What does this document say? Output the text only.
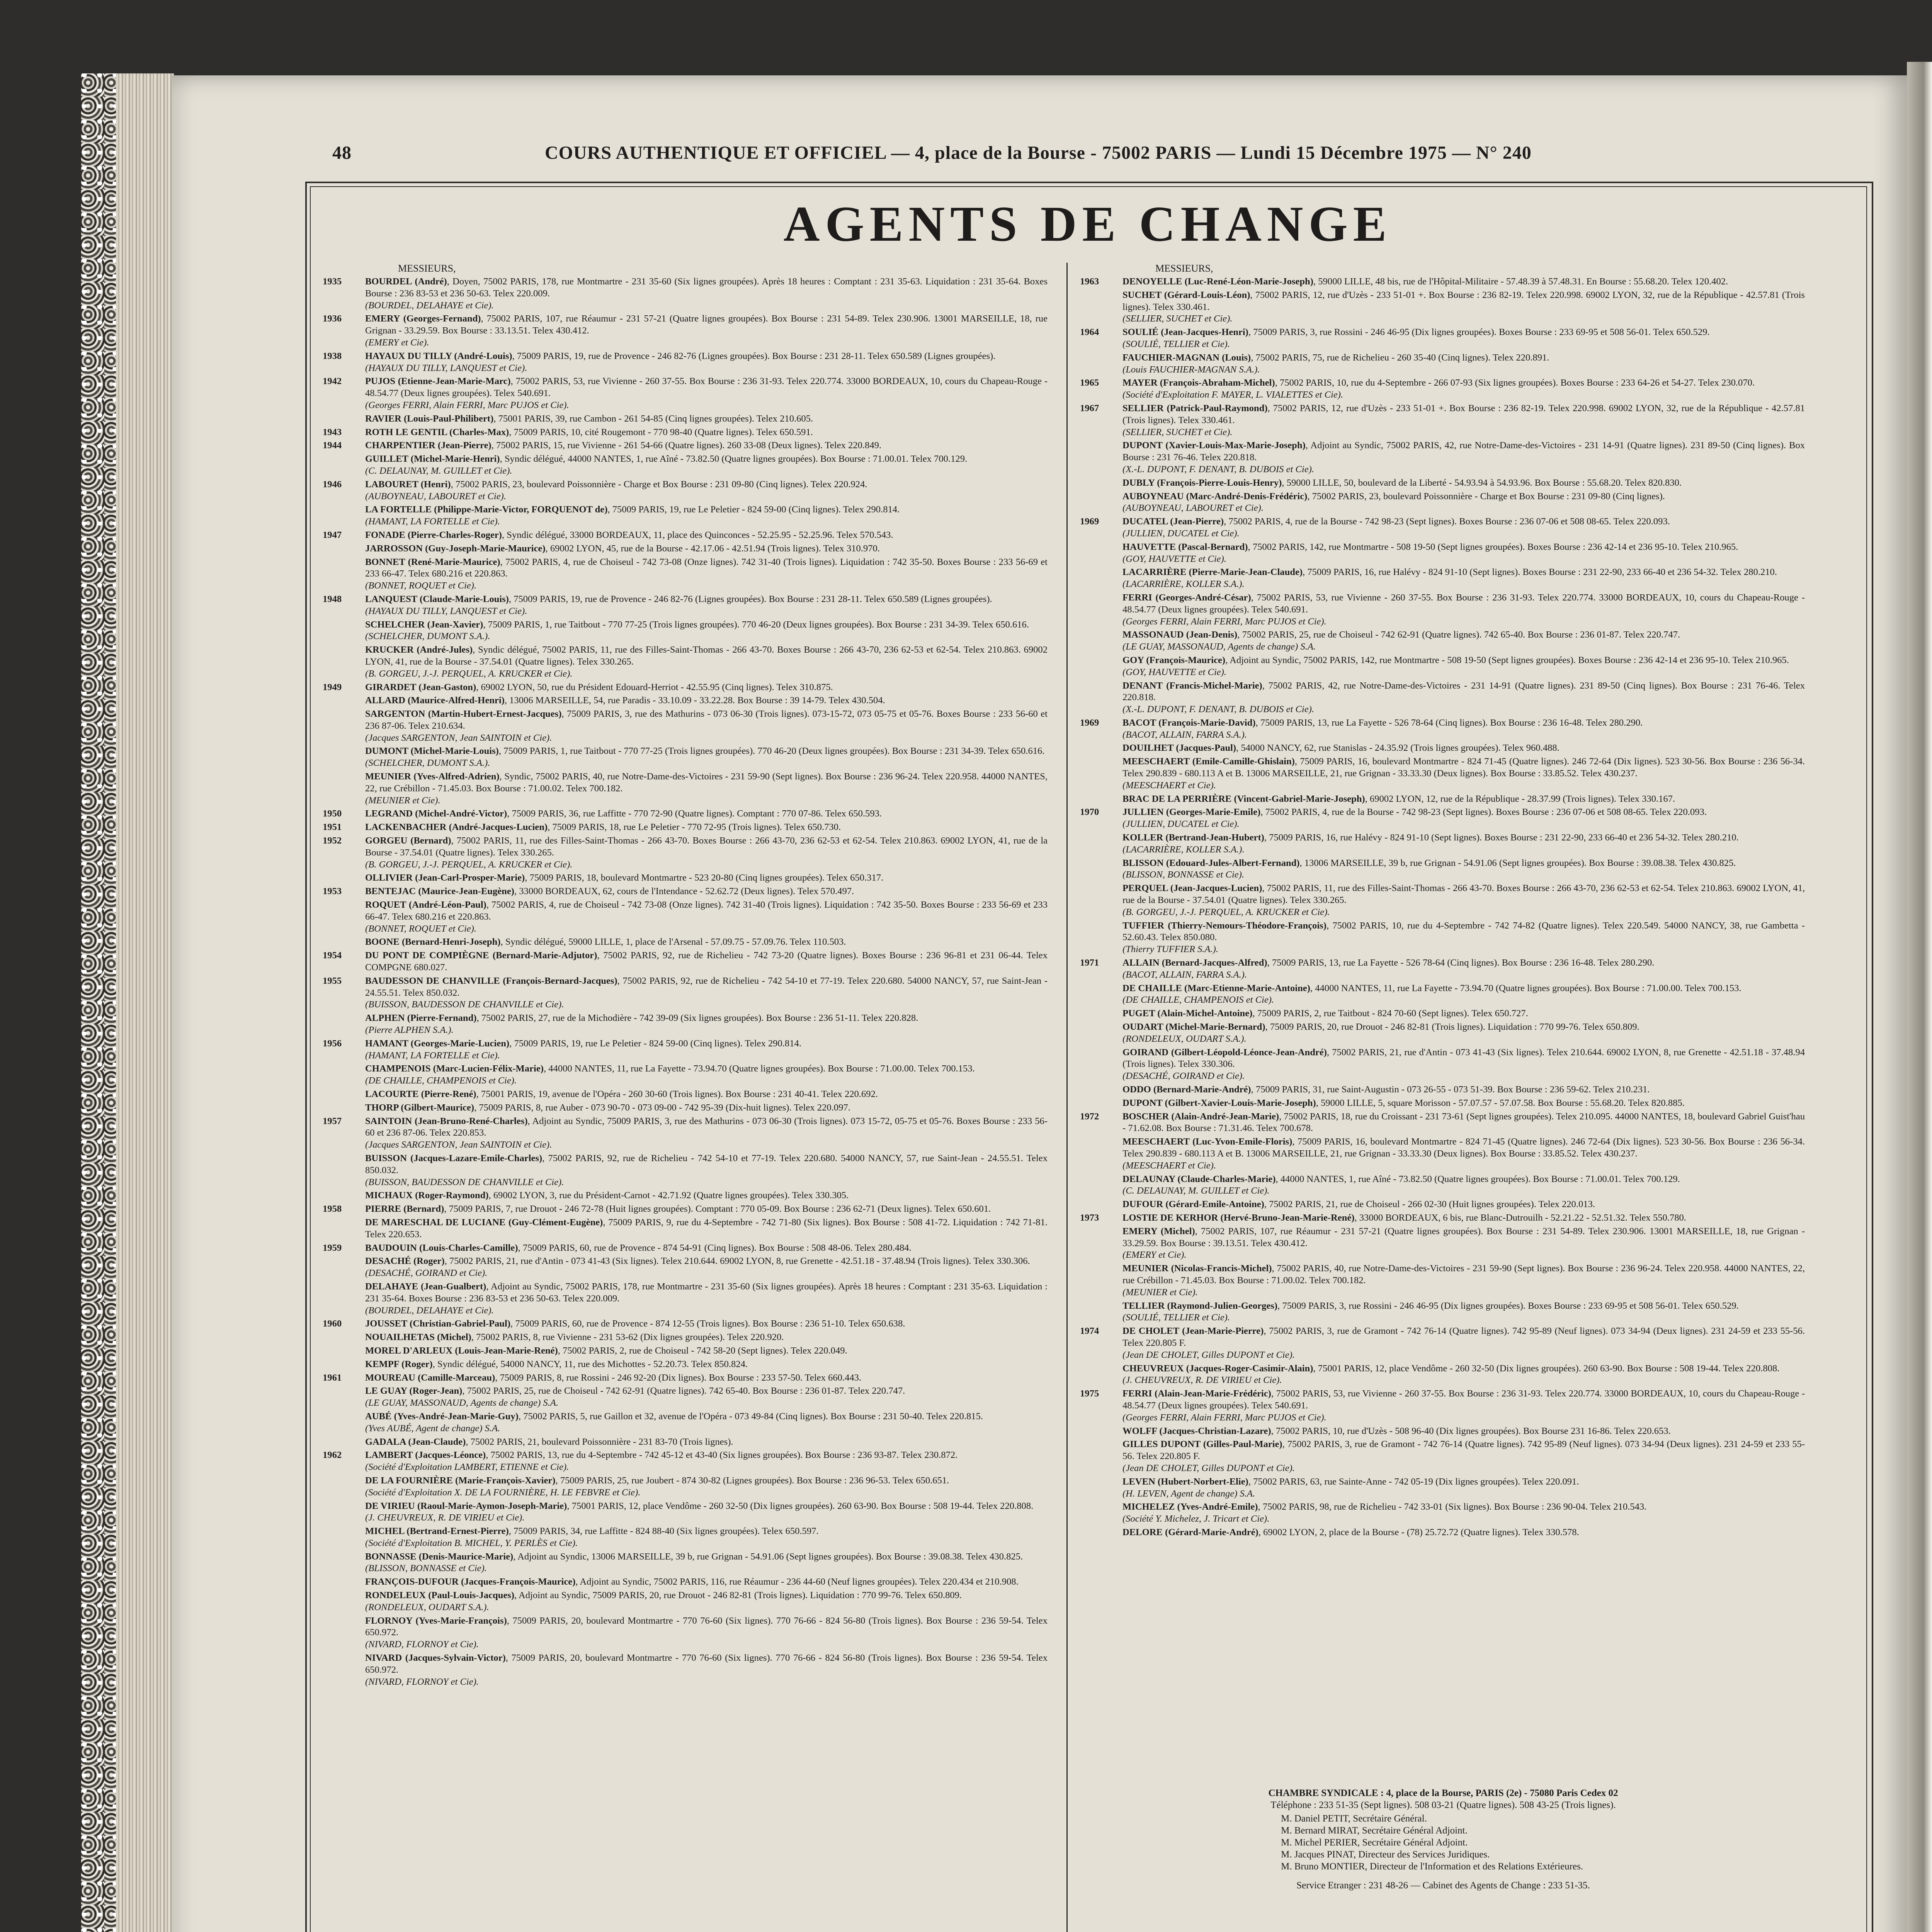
48	COURS AUTHENTIQUE ET OFFICIEL — 4, place de la Bourse - 75002 PARIS — Lundi 15 Décembre 1975 — N° 240
AGENTS DE CHANGE
MESSIEURS,
1935 BOURDEL (André), Doyen, 75002 PARIS, 178, rue Montmartre - 231 35-60 (Six lignes groupées). Après 18 heures : Comptant : 231 35-63. Liquidation : 231 35-64. Boxes Bourse : 236 83-53 et 236 50-63. Telex 220.009.
(BOURDEL, DELAHAYE et Cie).
1936 EMERY (Georges-Fernand), 75002 PARIS, 107, rue Réaumur - 231 57-21 (Quatre lignes groupées). Box Bourse : 231 54-89. Telex 230.906. 13001 MARSEILLE, 18, rue Grignan - 33.29.59. Box Bourse : 33.13.51. Telex 430.412.
(EMERY et Cie).
1938 HAYAUX DU TILLY (André-Louis), 75009 PARIS, 19, rue de Provence - 246 82-76 (Lignes groupées). Box Bourse : 231 28-11. Telex 650.589 (Lignes groupées).
(HAYAUX DU TILLY, LANQUEST et Cie).
1942 PUJOS (Etienne-Jean-Marie-Marc), 75002 PARIS, 53, rue Vivienne - 260 37-55. Box Bourse : 236 31-93. Telex 220.774. 33000 BORDEAUX, 10, cours du Chapeau-Rouge - 48.54.77 (Deux lignes groupées). Telex 540.691.
(Georges FERRI, Alain FERRI, Marc PUJOS et Cie).
RAVIER (Louis-Paul-Philibert), 75001 PARIS, 39, rue Cambon - 261 54-85 (Cinq lignes groupées). Telex 210.605.
1943 ROTH LE GENTIL (Charles-Max), 75009 PARIS, 10, cité Rougemont - 770 98-40 (Quatre lignes). Telex 650.591.
1944 CHARPENTIER (Jean-Pierre), 75002 PARIS, 15, rue Vivienne - 261 54-66 (Quatre lignes). 260 33-08 (Deux lignes). Telex 220.849.
GUILLET (Michel-Marie-Henri), Syndic délégué, 44000 NANTES, 1, rue Aîné - 73.82.50 (Quatre lignes groupées). Box Bourse : 71.00.01. Telex 700.129.
(C. DELAUNAY, M. GUILLET et Cie).
1946 LABOURET (Henri), 75002 PARIS, 23, boulevard Poissonnière - Charge et Box Bourse : 231 09-80 (Cinq lignes). Telex 220.924.
(AUBOYNEAU, LABOURET et Cie).
LA FORTELLE (Philippe-Marie-Victor, FORQUENOT de), 75009 PARIS, 19, rue Le Peletier - 824 59-00 (Cinq lignes). Telex 290.814.
(HAMANT, LA FORTELLE et Cie).
1947 FONADE (Pierre-Charles-Roger), Syndic délégué, 33000 BORDEAUX, 11, place des Quinconces - 52.25.95 - 52.25.96. Telex 570.543.
JARROSSON (Guy-Joseph-Marie-Maurice), 69002 LYON, 45, rue de la Bourse - 42.17.06 - 42.51.94 (Trois lignes). Telex 310.970.
BONNET (René-Marie-Maurice), 75002 PARIS, 4, rue de Choiseul - 742 73-08 (Onze lignes). 742 31-40 (Trois lignes). Liquidation : 742 35-50. Boxes Bourse : 233 56-69 et 233 66-47. Telex 680.216 et 220.863.
(BONNET, ROQUET et Cie).
1948 LANQUEST (Claude-Marie-Louis), 75009 PARIS, 19, rue de Provence - 246 82-76 (Lignes groupées). Box Bourse : 231 28-11. Telex 650.589 (Lignes groupées).
(HAYAUX DU TILLY, LANQUEST et Cie).
SCHELCHER (Jean-Xavier), 75009 PARIS, 1, rue Taitbout - 770 77-25 (Trois lignes groupées). 770 46-20 (Deux lignes groupées). Box Bourse : 231 34-39. Telex 650.616.
(SCHELCHER, DUMONT S.A.).
KRUCKER (André-Jules), Syndic délégué, 75002 PARIS, 11, rue des Filles-Saint-Thomas - 266 43-70. Boxes Bourse : 266 43-70, 236 62-53 et 62-54. Telex 210.863. 69002 LYON, 41, rue de la Bourse - 37.54.01 (Quatre lignes). Telex 330.265.
(B. GORGEU, J.-J. PERQUEL, A. KRUCKER et Cie).
1949 GIRARDET (Jean-Gaston), 69002 LYON, 50, rue du Président Edouard-Herriot - 42.55.95 (Cinq lignes). Telex 310.875.
ALLARD (Maurice-Alfred-Henri), 13006 MARSEILLE, 54, rue Paradis - 33.10.09 - 33.22.28. Box Bourse : 39 14-79. Telex 430.504.
SARGENTON (Martin-Hubert-Ernest-Jacques), 75009 PARIS, 3, rue des Mathurins - 073 06-30 (Trois lignes). 073-15-72, 073 05-75 et 05-76. Boxes Bourse : 233 56-60 et 236 87-06. Telex 210.634.
(Jacques SARGENTON, Jean SAINTOIN et Cie).
DUMONT (Michel-Marie-Louis), 75009 PARIS, 1, rue Taitbout - 770 77-25 (Trois lignes groupées). 770 46-20 (Deux lignes groupées). Box Bourse : 231 34-39. Telex 650.616.
(SCHELCHER, DUMONT S.A.).
MEUNIER (Yves-Alfred-Adrien), Syndic, 75002 PARIS, 40, rue Notre-Dame-des-Victoires - 231 59-90 (Sept lignes). Box Bourse : 236 96-24. Telex 220.958. 44000 NANTES, 22, rue Crébillon - 71.45.03. Box Bourse : 71.00.02. Telex 700.182.
(MEUNIER et Cie).
1950 LEGRAND (Michel-André-Victor), 75009 PARIS, 36, rue Laffitte - 770 72-90 (Quatre lignes). Comptant : 770 07-86. Telex 650.593.
1951 LACKENBACHER (André-Jacques-Lucien), 75009 PARIS, 18, rue Le Peletier - 770 72-95 (Trois lignes). Telex 650.730.
1952 GORGEU (Bernard), 75002 PARIS, 11, rue des Filles-Saint-Thomas - 266 43-70. Boxes Bourse : 266 43-70, 236 62-53 et 62-54. Telex 210.863. 69002 LYON, 41, rue de la Bourse - 37.54.01 (Quatre lignes). Telex 330.265.
(B. GORGEU, J.-J. PERQUEL, A. KRUCKER et Cie).
OLLIVIER (Jean-Carl-Prosper-Marie), 75009 PARIS, 18, boulevard Montmartre - 523 20-80 (Cinq lignes groupées). Telex 650.317.
1953 BENTEJAC (Maurice-Jean-Eugène), 33000 BORDEAUX, 62, cours de l'Intendance - 52.62.72 (Deux lignes). Telex 570.497.
ROQUET (André-Léon-Paul), 75002 PARIS, 4, rue de Choiseul - 742 73-08 (Onze lignes). 742 31-40 (Trois lignes). Liquidation : 742 35-50. Boxes Bourse : 233 56-69 et 233 66-47. Telex 680.216 et 220.863.
(BONNET, ROQUET et Cie).
BOONE (Bernard-Henri-Joseph), Syndic délégué, 59000 LILLE, 1, place de l'Arsenal - 57.09.75 - 57.09.76. Telex 110.503.
1954 DU PONT DE COMPIÈGNE (Bernard-Marie-Adjutor), 75002 PARIS, 92, rue de Richelieu - 742 73-20 (Quatre lignes). Boxes Bourse : 236 96-81 et 231 06-44. Telex COMPGNE 680.027.
1955 BAUDESSON DE CHANVILLE (François-Bernard-Jacques), 75002 PARIS, 92, rue de Richelieu - 742 54-10 et 77-19. Telex 220.680. 54000 NANCY, 57, rue Saint-Jean - 24.55.51. Telex 850.032.
(BUISSON, BAUDESSON DE CHANVILLE et Cie).
ALPHEN (Pierre-Fernand), 75002 PARIS, 27, rue de la Michodière - 742 39-09 (Six lignes groupées). Box Bourse : 236 51-11. Telex 220.828.
(Pierre ALPHEN S.A.).
1956 HAMANT (Georges-Marie-Lucien), 75009 PARIS, 19, rue Le Peletier - 824 59-00 (Cinq lignes). Telex 290.814.
(HAMANT, LA FORTELLE et Cie).
CHAMPENOIS (Marc-Lucien-Félix-Marie), 44000 NANTES, 11, rue La Fayette - 73.94.70 (Quatre lignes groupées). Box Bourse : 71.00.00. Telex 700.153.
(DE CHAILLE, CHAMPENOIS et Cie).
LACOURTE (Pierre-René), 75001 PARIS, 19, avenue de l'Opéra - 260 30-60 (Trois lignes). Box Bourse : 231 40-41. Telex 220.692.
THORP (Gilbert-Maurice), 75009 PARIS, 8, rue Auber - 073 90-70 - 073 09-00 - 742 95-39 (Dix-huit lignes). Telex 220.097.
1957 SAINTOIN (Jean-Bruno-René-Charles), Adjoint au Syndic, 75009 PARIS, 3, rue des Mathurins - 073 06-30 (Trois lignes). 073 15-72, 05-75 et 05-76. Boxes Bourse : 233 56-60 et 236 87-06. Telex 220.853.
(Jacques SARGENTON, Jean SAINTOIN et Cie).
BUISSON (Jacques-Lazare-Emile-Charles), 75002 PARIS, 92, rue de Richelieu - 742 54-10 et 77-19. Telex 220.680. 54000 NANCY, 57, rue Saint-Jean - 24.55.51. Telex 850.032.
(BUISSON, BAUDESSON DE CHANVILLE et Cie).
MICHAUX (Roger-Raymond), 69002 LYON, 3, rue du Président-Carnot - 42.71.92 (Quatre lignes groupées). Telex 330.305.
1958 PIERRE (Bernard), 75009 PARIS, 7, rue Drouot - 246 72-78 (Huit lignes groupées). Comptant : 770 05-09. Box Bourse : 236 62-71 (Deux lignes). Telex 650.601.
DE MARESCHAL DE LUCIANE (Guy-Clément-Eugène), 75009 PARIS, 9, rue du 4-Septembre - 742 71-80 (Six lignes). Box Bourse : 508 41-72. Liquidation : 742 71-81. Telex 220.653.
1959 BAUDOUIN (Louis-Charles-Camille), 75009 PARIS, 60, rue de Provence - 874 54-91 (Cinq lignes). Box Bourse : 508 48-06. Telex 280.484.
DESACHÉ (Roger), 75002 PARIS, 21, rue d'Antin - 073 41-43 (Six lignes). Telex 210.644. 69002 LYON, 8, rue Grenette - 42.51.18 - 37.48.94 (Trois lignes). Telex 330.306.
(DESACHÉ, GOIRAND et Cie).
DELAHAYE (Jean-Gualbert), Adjoint au Syndic, 75002 PARIS, 178, rue Montmartre - 231 35-60 (Six lignes groupées). Après 18 heures : Comptant : 231 35-63. Liquidation : 231 35-64. Boxes Bourse : 236 83-53 et 236 50-63. Telex 220.009.
(BOURDEL, DELAHAYE et Cie).
1960 JOUSSET (Christian-Gabriel-Paul), 75009 PARIS, 60, rue de Provence - 874 12-55 (Trois lignes). Box Bourse : 236 51-10. Telex 650.638.
NOUAILHETAS (Michel), 75002 PARIS, 8, rue Vivienne - 231 53-62 (Dix lignes groupées). Telex 220.920.
MOREL D'ARLEUX (Louis-Jean-Marie-René), 75002 PARIS, 2, rue de Choiseul - 742 58-20 (Sept lignes). Telex 220.049.
KEMPF (Roger), Syndic délégué, 54000 NANCY, 11, rue des Michottes - 52.20.73. Telex 850.824.
1961 MOUREAU (Camille-Marceau), 75009 PARIS, 8, rue Rossini - 246 92-20 (Dix lignes). Box Bourse : 233 57-50. Telex 660.443.
LE GUAY (Roger-Jean), 75002 PARIS, 25, rue de Choiseul - 742 62-91 (Quatre lignes). 742 65-40. Box Bourse : 236 01-87. Telex 220.747.
(LE GUAY, MASSONAUD, Agents de change) S.A.
AUBÉ (Yves-André-Jean-Marie-Guy), 75002 PARIS, 5, rue Gaillon et 32, avenue de l'Opéra - 073 49-84 (Cinq lignes). Box Bourse : 231 50-40. Telex 220.815.
(Yves AUBÉ, Agent de change) S.A.
GADALA (Jean-Claude), 75002 PARIS, 21, boulevard Poissonnière - 231 83-70 (Trois lignes).
1962 LAMBERT (Jacques-Léonce), 75002 PARIS, 13, rue du 4-Septembre - 742 45-12 et 43-40 (Six lignes groupées). Box Bourse : 236 93-87. Telex 230.872.
(Société d'Exploitation LAMBERT, ETIENNE et Cie).
DE LA FOURNIÈRE (Marie-François-Xavier), 75009 PARIS, 25, rue Joubert - 874 30-82 (Lignes groupées). Box Bourse : 236 96-53. Telex 650.651.
(Société d'Exploitation X. DE LA FOURNIÈRE, H. LE FEBVRE et Cie).
DE VIRIEU (Raoul-Marie-Aymon-Joseph-Marie), 75001 PARIS, 12, place Vendôme - 260 32-50 (Dix lignes groupées). 260 63-90. Box Bourse : 508 19-44. Telex 220.808.
(J. CHEUVREUX, R. DE VIRIEU et Cie).
MICHEL (Bertrand-Ernest-Pierre), 75009 PARIS, 34, rue Laffitte - 824 88-40 (Six lignes groupées). Telex 650.597.
(Société d'Exploitation B. MICHEL, Y. PERLÈS et Cie).
BONNASSE (Denis-Maurice-Marie), Adjoint au Syndic, 13006 MARSEILLE, 39 b, rue Grignan - 54.91.06 (Sept lignes groupées). Box Bourse : 39.08.38. Telex 430.825.
(BLISSON, BONNASSE et Cie).
FRANÇOIS-DUFOUR (Jacques-François-Maurice), Adjoint au Syndic, 75002 PARIS, 116, rue Réaumur - 236 44-60 (Neuf lignes groupées). Telex 220.434 et 210.908.
RONDELEUX (Paul-Louis-Jacques), Adjoint au Syndic, 75009 PARIS, 20, rue Drouot - 246 82-81 (Trois lignes). Liquidation : 770 99-76. Telex 650.809.
(RONDELEUX, OUDART S.A.).
FLORNOY (Yves-Marie-François), 75009 PARIS, 20, boulevard Montmartre - 770 76-60 (Six lignes). 770 76-66 - 824 56-80 (Trois lignes). Box Bourse : 236 59-54. Telex 650.972.
(NIVARD, FLORNOY et Cie).
NIVARD (Jacques-Sylvain-Victor), 75009 PARIS, 20, boulevard Montmartre - 770 76-60 (Six lignes). 770 76-66 - 824 56-80 (Trois lignes). Box Bourse : 236 59-54. Telex 650.972.
(NIVARD, FLORNOY et Cie).
MESSIEURS,
1963 DENOYELLE (Luc-René-Léon-Marie-Joseph), 59000 LILLE, 48 bis, rue de l'Hôpital-Militaire - 57.48.39 à 57.48.31. En Bourse : 55.68.20. Telex 120.402.
SUCHET (Gérard-Louis-Léon), 75002 PARIS, 12, rue d'Uzès - 233 51-01 +. Box Bourse : 236 82-19. Telex 220.998. 69002 LYON, 32, rue de la République - 42.57.81 (Trois lignes). Telex 330.461.
(SELLIER, SUCHET et Cie).
1964 SOULIÉ (Jean-Jacques-Henri), 75009 PARIS, 3, rue Rossini - 246 46-95 (Dix lignes groupées). Boxes Bourse : 233 69-95 et 508 56-01. Telex 650.529.
(SOULIÉ, TELLIER et Cie).
FAUCHIER-MAGNAN (Louis), 75002 PARIS, 75, rue de Richelieu - 260 35-40 (Cinq lignes). Telex 220.891.
(Louis FAUCHIER-MAGNAN S.A.).
1965 MAYER (François-Abraham-Michel), 75002 PARIS, 10, rue du 4-Septembre - 266 07-93 (Six lignes groupées). Boxes Bourse : 233 64-26 et 54-27. Telex 230.070.
(Société d'Exploitation F. MAYER, L. VIALETTES et Cie).
1967 SELLIER (Patrick-Paul-Raymond), 75002 PARIS, 12, rue d'Uzès - 233 51-01 +. Box Bourse : 236 82-19. Telex 220.998. 69002 LYON, 32, rue de la République - 42.57.81 (Trois lignes). Telex 330.461.
(SELLIER, SUCHET et Cie).
DUPONT (Xavier-Louis-Max-Marie-Joseph), Adjoint au Syndic, 75002 PARIS, 42, rue Notre-Dame-des-Victoires - 231 14-91 (Quatre lignes). 231 89-50 (Cinq lignes). Box Bourse : 231 76-46. Telex 220.818.
(X.-L. DUPONT, F. DENANT, B. DUBOIS et Cie).
DUBLY (François-Pierre-Louis-Henry), 59000 LILLE, 50, boulevard de la Liberté - 54.93.94 à 54.93.96. Box Bourse : 55.68.20. Telex 820.830.
AUBOYNEAU (Marc-André-Denis-Frédéric), 75002 PARIS, 23, boulevard Poissonnière - Charge et Box Bourse : 231 09-80 (Cinq lignes).
(AUBOYNEAU, LABOURET et Cie).
1969 DUCATEL (Jean-Pierre), 75002 PARIS, 4, rue de la Bourse - 742 98-23 (Sept lignes). Boxes Bourse : 236 07-06 et 508 08-65. Telex 220.093.
(JULLIEN, DUCATEL et Cie).
HAUVETTE (Pascal-Bernard), 75002 PARIS, 142, rue Montmartre - 508 19-50 (Sept lignes groupées). Boxes Bourse : 236 42-14 et 236 95-10. Telex 210.965.
(GOY, HAUVETTE et Cie).
LACARRIÈRE (Pierre-Marie-Jean-Claude), 75009 PARIS, 16, rue Halévy - 824 91-10 (Sept lignes). Boxes Bourse : 231 22-90, 233 66-40 et 236 54-32. Telex 280.210.
(LACARRIÈRE, KOLLER S.A.).
FERRI (Georges-André-César), 75002 PARIS, 53, rue Vivienne - 260 37-55. Box Bourse : 236 31-93. Telex 220.774. 33000 BORDEAUX, 10, cours du Chapeau-Rouge - 48.54.77 (Deux lignes groupées). Telex 540.691.
(Georges FERRI, Alain FERRI, Marc PUJOS et Cie).
MASSONAUD (Jean-Denis), 75002 PARIS, 25, rue de Choiseul - 742 62-91 (Quatre lignes). 742 65-40. Box Bourse : 236 01-87. Telex 220.747.
(LE GUAY, MASSONAUD, Agents de change) S.A.
GOY (François-Maurice), Adjoint au Syndic, 75002 PARIS, 142, rue Montmartre - 508 19-50 (Sept lignes groupées). Boxes Bourse : 236 42-14 et 236 95-10. Telex 210.965.
(GOY, HAUVETTE et Cie).
DENANT (Francis-Michel-Marie), 75002 PARIS, 42, rue Notre-Dame-des-Victoires - 231 14-91 (Quatre lignes). 231 89-50 (Cinq lignes). Box Bourse : 231 76-46. Telex 220.818.
(X.-L. DUPONT, F. DENANT, B. DUBOIS et Cie).
1969 BACOT (François-Marie-David), 75009 PARIS, 13, rue La Fayette - 526 78-64 (Cinq lignes). Box Bourse : 236 16-48. Telex 280.290.
(BACOT, ALLAIN, FARRA S.A.).
DOUILHET (Jacques-Paul), 54000 NANCY, 62, rue Stanislas - 24.35.92 (Trois lignes groupées). Telex 960.488.
MEESCHAERT (Emile-Camille-Ghislain), 75009 PARIS, 16, boulevard Montmartre - 824 71-45 (Quatre lignes). 246 72-64 (Dix lignes). 523 30-56. Box Bourse : 236 56-34. Telex 290.839 - 680.113 A et B. 13006 MARSEILLE, 21, rue Grignan - 33.33.30 (Deux lignes). Box Bourse : 33.85.52. Telex 430.237.
(MEESCHAERT et Cie).
BRAC DE LA PERRIÈRE (Vincent-Gabriel-Marie-Joseph), 69002 LYON, 12, rue de la République - 28.37.99 (Trois lignes). Telex 330.167.
1970 JULLIEN (Georges-Marie-Emile), 75002 PARIS, 4, rue de la Bourse - 742 98-23 (Sept lignes). Boxes Bourse : 236 07-06 et 508 08-65. Telex 220.093.
(JULLIEN, DUCATEL et Cie).
KOLLER (Bertrand-Jean-Hubert), 75009 PARIS, 16, rue Halévy - 824 91-10 (Sept lignes). Boxes Bourse : 231 22-90, 233 66-40 et 236 54-32. Telex 280.210.
(LACARRIÈRE, KOLLER S.A.).
BLISSON (Edouard-Jules-Albert-Fernand), 13006 MARSEILLE, 39 b, rue Grignan - 54.91.06 (Sept lignes groupées). Box Bourse : 39.08.38. Telex 430.825.
(BLISSON, BONNASSE et Cie).
PERQUEL (Jean-Jacques-Lucien), 75002 PARIS, 11, rue des Filles-Saint-Thomas - 266 43-70. Boxes Bourse : 266 43-70, 236 62-53 et 62-54. Telex 210.863. 69002 LYON, 41, rue de la Bourse - 37.54.01 (Quatre lignes). Telex 330.265.
(B. GORGEU, J.-J. PERQUEL, A. KRUCKER et Cie).
TUFFIER (Thierry-Nemours-Théodore-François), 75002 PARIS, 10, rue du 4-Septembre - 742 74-82 (Quatre lignes). Telex 220.549. 54000 NANCY, 38, rue Gambetta - 52.60.43. Telex 850.080.
(Thierry TUFFIER S.A.).
1971 ALLAIN (Bernard-Jacques-Alfred), 75009 PARIS, 13, rue La Fayette - 526 78-64 (Cinq lignes). Box Bourse : 236 16-48. Telex 280.290.
(BACOT, ALLAIN, FARRA S.A.).
DE CHAILLE (Marc-Etienne-Marie-Antoine), 44000 NANTES, 11, rue La Fayette - 73.94.70 (Quatre lignes groupées). Box Bourse : 71.00.00. Telex 700.153.
(DE CHAILLE, CHAMPENOIS et Cie).
PUGET (Alain-Michel-Antoine), 75009 PARIS, 2, rue Taitbout - 824 70-60 (Sept lignes). Telex 650.727.
OUDART (Michel-Marie-Bernard), 75009 PARIS, 20, rue Drouot - 246 82-81 (Trois lignes). Liquidation : 770 99-76. Telex 650.809.
(RONDELEUX, OUDART S.A.).
GOIRAND (Gilbert-Léopold-Léonce-Jean-André), 75002 PARIS, 21, rue d'Antin - 073 41-43 (Six lignes). Telex 210.644. 69002 LYON, 8, rue Grenette - 42.51.18 - 37.48.94 (Trois lignes). Telex 330.306.
(DESACHÉ, GOIRAND et Cie).
ODDO (Bernard-Marie-André), 75009 PARIS, 31, rue Saint-Augustin - 073 26-55 - 073 51-39. Box Bourse : 236 59-62. Telex 210.231.
DUPONT (Gilbert-Xavier-Louis-Marie-Joseph), 59000 LILLE, 5, square Morisson - 57.07.57 - 57.07.58. Box Bourse : 55.68.20. Telex 820.885.
1972 BOSCHER (Alain-André-Jean-Marie), 75002 PARIS, 18, rue du Croissant - 231 73-61 (Sept lignes groupées). Telex 210.095. 44000 NANTES, 18, boulevard Gabriel Guist'hau - 71.62.08. Box Bourse : 71.31.46. Telex 700.678.
MEESCHAERT (Luc-Yvon-Emile-Floris), 75009 PARIS, 16, boulevard Montmartre - 824 71-45 (Quatre lignes). 246 72-64 (Dix lignes). 523 30-56. Box Bourse : 236 56-34. Telex 290.839 - 680.113 A et B. 13006 MARSEILLE, 21, rue Grignan - 33.33.30 (Deux lignes). Box Bourse : 33.85.52. Telex 430.237.
(MEESCHAERT et Cie).
DELAUNAY (Claude-Charles-Marie), 44000 NANTES, 1, rue Aîné - 73.82.50 (Quatre lignes groupées). Box Bourse : 71.00.01. Telex 700.129.
(C. DELAUNAY, M. GUILLET et Cie).
DUFOUR (Gérard-Emile-Antoine), 75002 PARIS, 21, rue de Choiseul - 266 02-30 (Huit lignes groupées). Telex 220.013.
1973 LOSTIE DE KERHOR (Hervé-Bruno-Jean-Marie-René), 33000 BORDEAUX, 6 bis, rue Blanc-Dutrouilh - 52.21.22 - 52.51.32. Telex 550.780.
EMERY (Michel), 75002 PARIS, 107, rue Réaumur - 231 57-21 (Quatre lignes groupées). Box Bourse : 231 54-89. Telex 230.906. 13001 MARSEILLE, 18, rue Grignan - 33.29.59. Box Bourse : 39.13.51. Telex 430.412.
(EMERY et Cie).
MEUNIER (Nicolas-Francis-Michel), 75002 PARIS, 40, rue Notre-Dame-des-Victoires - 231 59-90 (Sept lignes). Box Bourse : 236 96-24. Telex 220.958. 44000 NANTES, 22, rue Crébillon - 71.45.03. Box Bourse : 71.00.02. Telex 700.182.
(MEUNIER et Cie).
TELLIER (Raymond-Julien-Georges), 75009 PARIS, 3, rue Rossini - 246 46-95 (Dix lignes groupées). Boxes Bourse : 233 69-95 et 508 56-01. Telex 650.529.
(SOULIÉ, TELLIER et Cie).
1974 DE CHOLET (Jean-Marie-Pierre), 75002 PARIS, 3, rue de Gramont - 742 76-14 (Quatre lignes). 742 95-89 (Neuf lignes). 073 34-94 (Deux lignes). 231 24-59 et 233 55-56. Telex 220.805 F.
(Jean DE CHOLET, Gilles DUPONT et Cie).
CHEUVREUX (Jacques-Roger-Casimir-Alain), 75001 PARIS, 12, place Vendôme - 260 32-50 (Dix lignes groupées). 260 63-90. Box Bourse : 508 19-44. Telex 220.808.
(J. CHEUVREUX, R. DE VIRIEU et Cie).
1975 FERRI (Alain-Jean-Marie-Frédéric), 75002 PARIS, 53, rue Vivienne - 260 37-55. Box Bourse : 236 31-93. Telex 220.774. 33000 BORDEAUX, 10, cours du Chapeau-Rouge - 48.54.77 (Deux lignes groupées). Telex 540.691.
(Georges FERRI, Alain FERRI, Marc PUJOS et Cie).
WOLFF (Jacques-Christian-Lazare), 75002 PARIS, 10, rue d'Uzès - 508 96-40 (Dix lignes groupées). Box Bourse 231 16-86. Telex 220.653.
GILLES DUPONT (Gilles-Paul-Marie), 75002 PARIS, 3, rue de Gramont - 742 76-14 (Quatre lignes). 742 95-89 (Neuf lignes). 073 34-94 (Deux lignes). 231 24-59 et 233 55-56. Telex 220.805 F.
(Jean DE CHOLET, Gilles DUPONT et Cie).
LEVEN (Hubert-Norbert-Elie), 75002 PARIS, 63, rue Sainte-Anne - 742 05-19 (Dix lignes groupées). Telex 220.091.
(H. LEVEN, Agent de change) S.A.
MICHELEZ (Yves-André-Emile), 75002 PARIS, 98, rue de Richelieu - 742 33-01 (Six lignes). Box Bourse : 236 90-04. Telex 210.543.
(Société Y. Michelez, J. Tricart et Cie).
DELORE (Gérard-Marie-André), 69002 LYON, 2, place de la Bourse - (78) 25.72.72 (Quatre lignes). Telex 330.578.
CHAMBRE SYNDICALE : 4, place de la Bourse, PARIS (2e) - 75080 Paris Cedex 02
Téléphone : 233 51-35 (Sept lignes). 508 03-21 (Quatre lignes). 508 43-25 (Trois lignes).
M. Daniel PETIT, Secrétaire Général.
M. Bernard MIRAT, Secrétaire Général Adjoint.
M. Michel PERIER, Secrétaire Général Adjoint.
M. Jacques PINAT, Directeur des Services Juridiques.
M. Bruno MONTIER, Directeur de l'Information et des Relations Extérieures.
Service Etranger : 231 48-26 — Cabinet des Agents de Change : 233 51-35.
